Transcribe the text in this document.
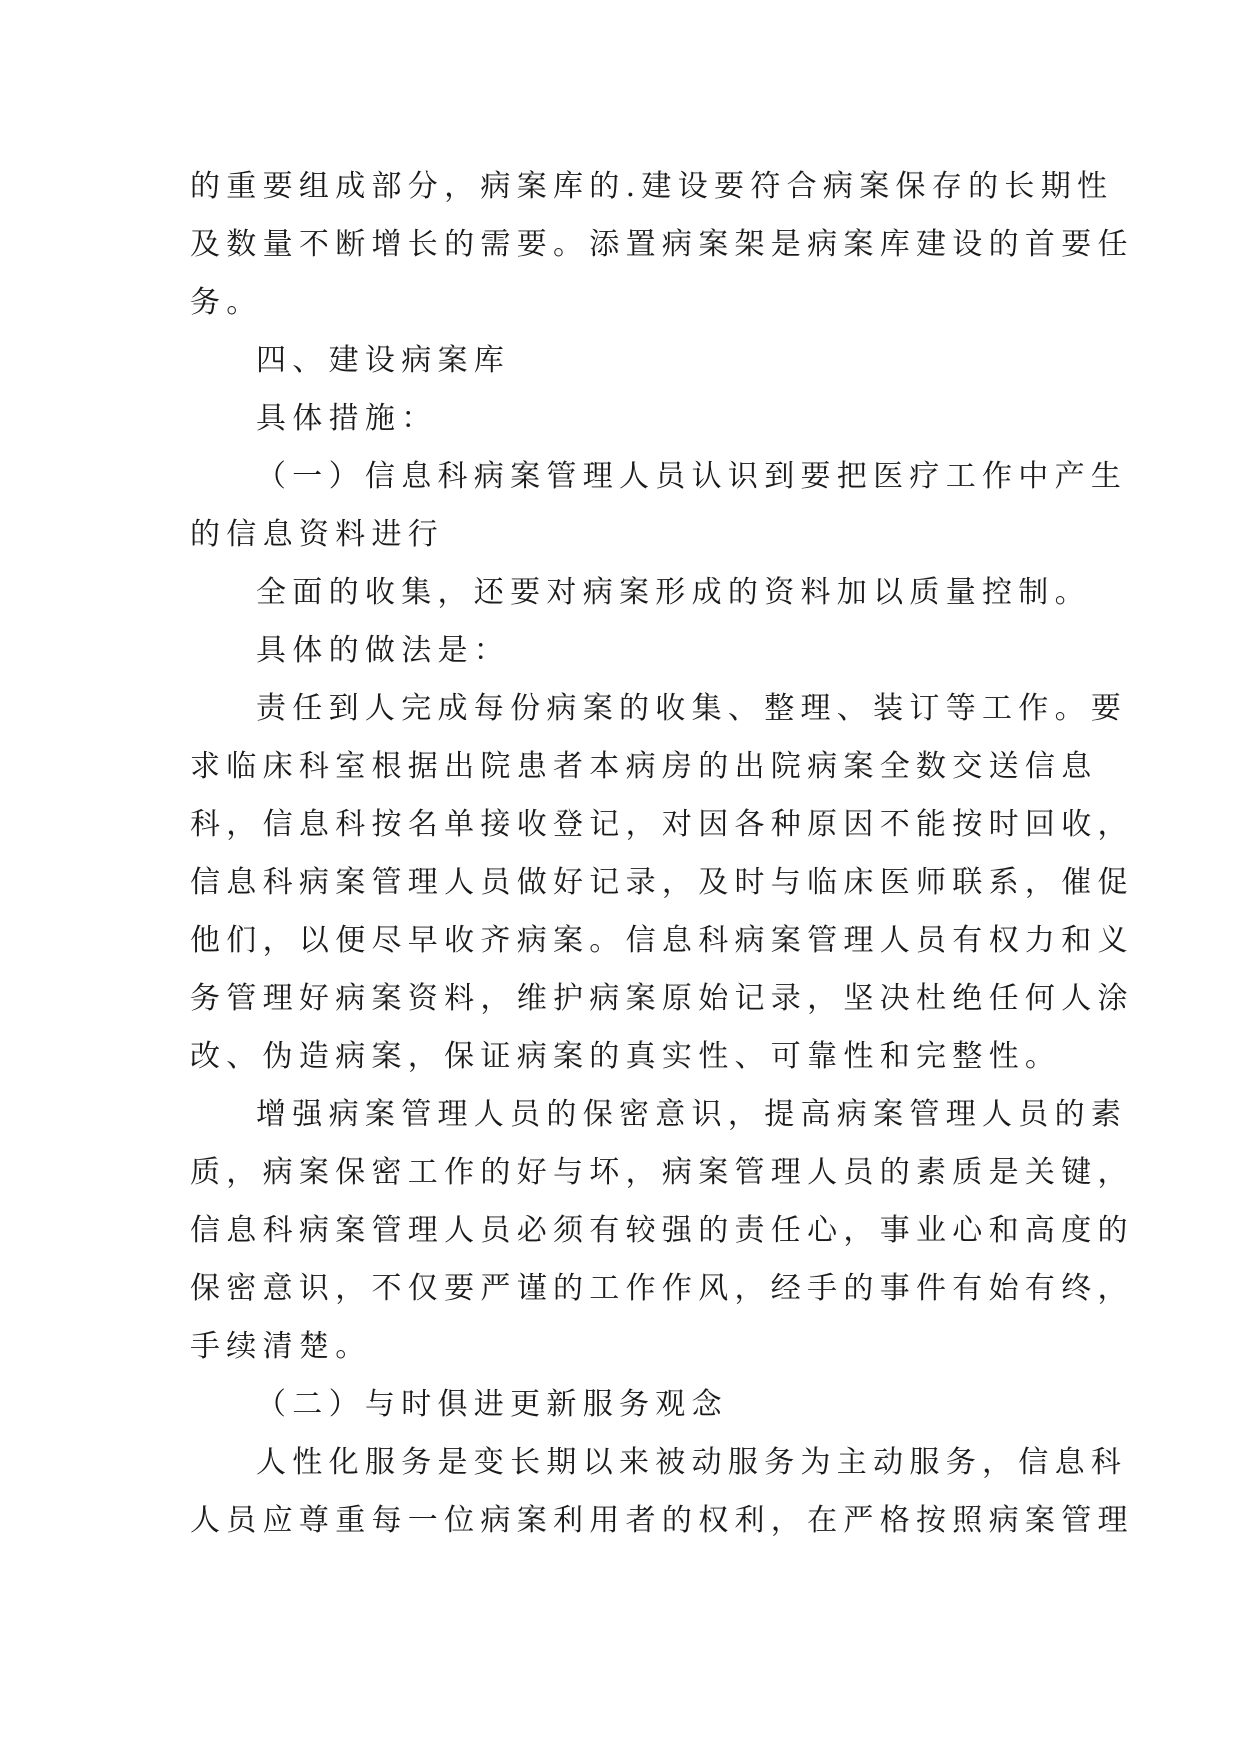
的重要组成部分，病案库的.建设要符合病案保存的长期性
及数量不断增长的需要。添置病案架是病案库建设的首要任
务。
四、建设病案库
具体措施：
（一）信息科病案管理人员认识到要把医疗工作中产生
的信息资料进行
全面的收集，还要对病案形成的资料加以质量控制。
具体的做法是：
责任到人完成每份病案的收集、整理、装订等工作。要
求临床科室根据出院患者本病房的出院病案全数交送信息
科，信息科按名单接收登记，对因各种原因不能按时回收，
信息科病案管理人员做好记录，及时与临床医师联系，催促
他们，以便尽早收齐病案。信息科病案管理人员有权力和义
务管理好病案资料，维护病案原始记录，坚决杜绝任何人涂
改、伪造病案，保证病案的真实性、可靠性和完整性。
增强病案管理人员的保密意识，提高病案管理人员的素
质，病案保密工作的好与坏，病案管理人员的素质是关键，
信息科病案管理人员必须有较强的责任心，事业心和高度的
保密意识，不仅要严谨的工作作风，经手的事件有始有终，
手续清楚。
（二）与时俱进更新服务观念
人性化服务是变长期以来被动服务为主动服务，信息科
人员应尊重每一位病案利用者的权利，在严格按照病案管理
